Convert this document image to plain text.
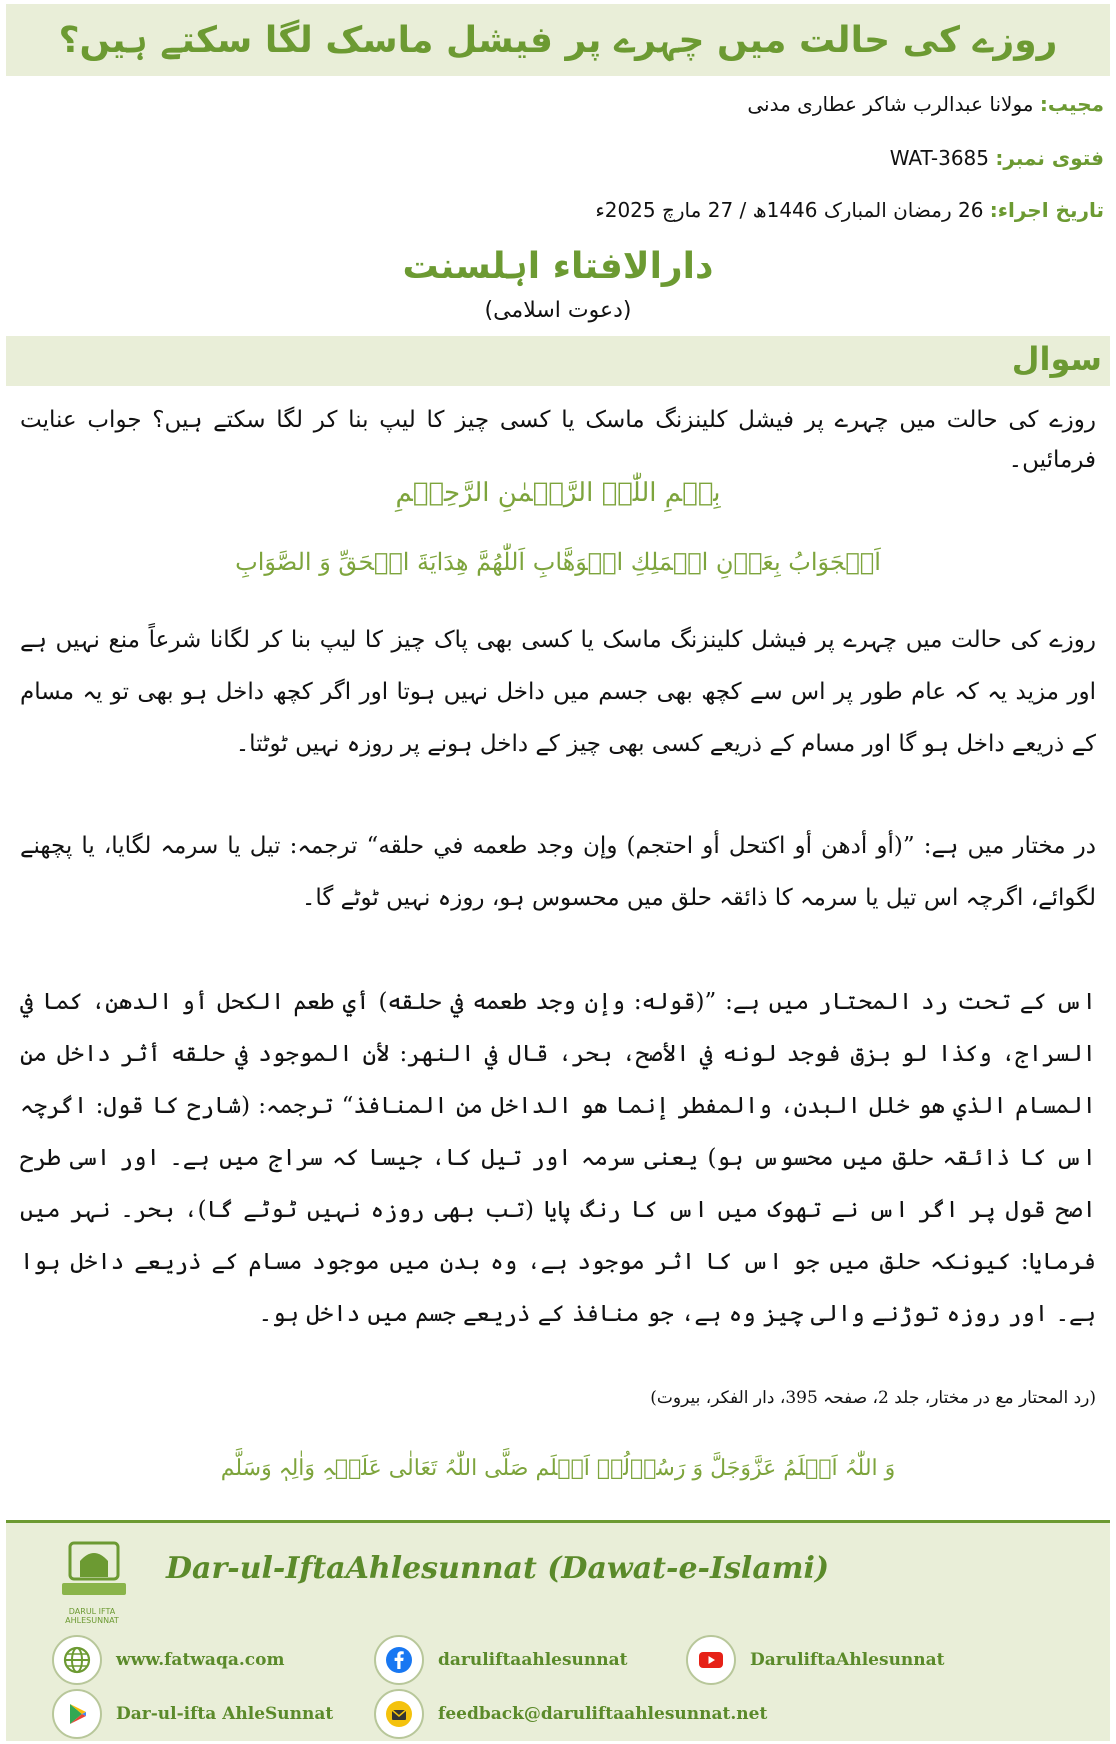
روزے کی حالت میں چہرے پر فیشل ماسک لگا سکتے ہیں؟
مجیب: مولانا عبدالرب شاکر عطاری مدنی
فتوی نمبر: WAT-3685
تاریخ اجراء: 26 رمضان المبارک 1446ھ / 27 مارچ 2025ء
دارالافتاء اہلسنت
(دعوت اسلامی)
سوال
روزے کی حالت میں چہرے پر فیشل کلینزنگ ماسک یا کسی چیز کا لیپ بنا کر لگا سکتے ہیں؟ جواب عنایت فرمائیں۔
بِسۡمِ اللّٰہِ الرَّحۡمٰنِ الرَّحِیۡمِ
اَلۡجَوَابُ بِعَوۡنِ الۡمَلِكِ الۡوَهَّابِ اَللّٰهُمَّ هِدَايَةَ الۡحَقِّ وَ الصَّوَابِ
روزے کی حالت میں چہرے پر فیشل کلینزنگ ماسک یا کسی بھی پاک چیز کا لیپ بنا کر لگانا شرعاً منع نہیں ہے اور مزید یہ کہ عام طور پر اس سے کچھ بھی جسم میں داخل نہیں ہوتا اور اگر کچھ داخل ہو بھی تو یہ مسام کے ذریعے داخل ہو گا اور مسام کے ذریعے کسی بھی چیز کے داخل ہونے پر روزہ نہیں ٹوٹتا۔
در مختار میں ہے: ”(أو أدهن أو اكتحل أو احتجم) وإن وجد طعمه في حلقه“ ترجمہ: تیل یا سرمہ لگایا، یا پچھنے لگوائے، اگرچہ اس تیل یا سرمہ کا ذائقہ حلق میں محسوس ہو، روزہ نہیں ٹوٹے گا۔
اس کے تحت رد المحتار میں ہے: ”(قوله: وإن وجد طعمه في حلقه) أي طعم الكحل أو الدهن، كما في السراج، وكذا لو بزق فوجد لونه في الأصح، بحر، قال في النهر: لأن الموجود في حلقه أثر داخل من المسام الذي هو خلل البدن، والمفطر إنما هو الداخل من المنافذ“ ترجمہ: (شارح کا قول: اگرچہ اس کا ذائقہ حلق میں محسوس ہو) یعنی سرمہ اور تیل کا، جیسا کہ سراج میں ہے۔ اور اسی طرح اصح قول پر اگر اس نے تھوک میں اس کا رنگ پایا (تب بھی روزہ نہیں ٹوٹے گا)، بحر۔ نہر میں فرمایا: کیونکہ حلق میں جو اس کا اثر موجود ہے، وہ بدن میں موجود مسام کے ذریعے داخل ہوا ہے۔ اور روزہ توڑنے والی چیز وہ ہے، جو منافذ کے ذریعے جسم میں داخل ہو۔
(رد المحتار مع در مختار، جلد 2، صفحہ 395، دار الفکر، بیروت)
وَ اللّٰہُ اَعۡلَمُ عَزَّوَجَلَّ وَ رَسُوۡلُہٗ اَعۡلَم صَلَّی اللّٰہُ تَعَالٰی عَلَیۡہِ وَاٰلِہٖ وَسَلَّم
DARUL IFTA AHLESUNNAT
Dar-ul-IftaAhlesunnat (Dawat-e-Islami)
www.fatwaqa.com	daruliftaahlesunnat	DaruliftaAhlesunnat
Dar-ul-ifta AhleSunnat	feedback@daruliftaahlesunnat.net
